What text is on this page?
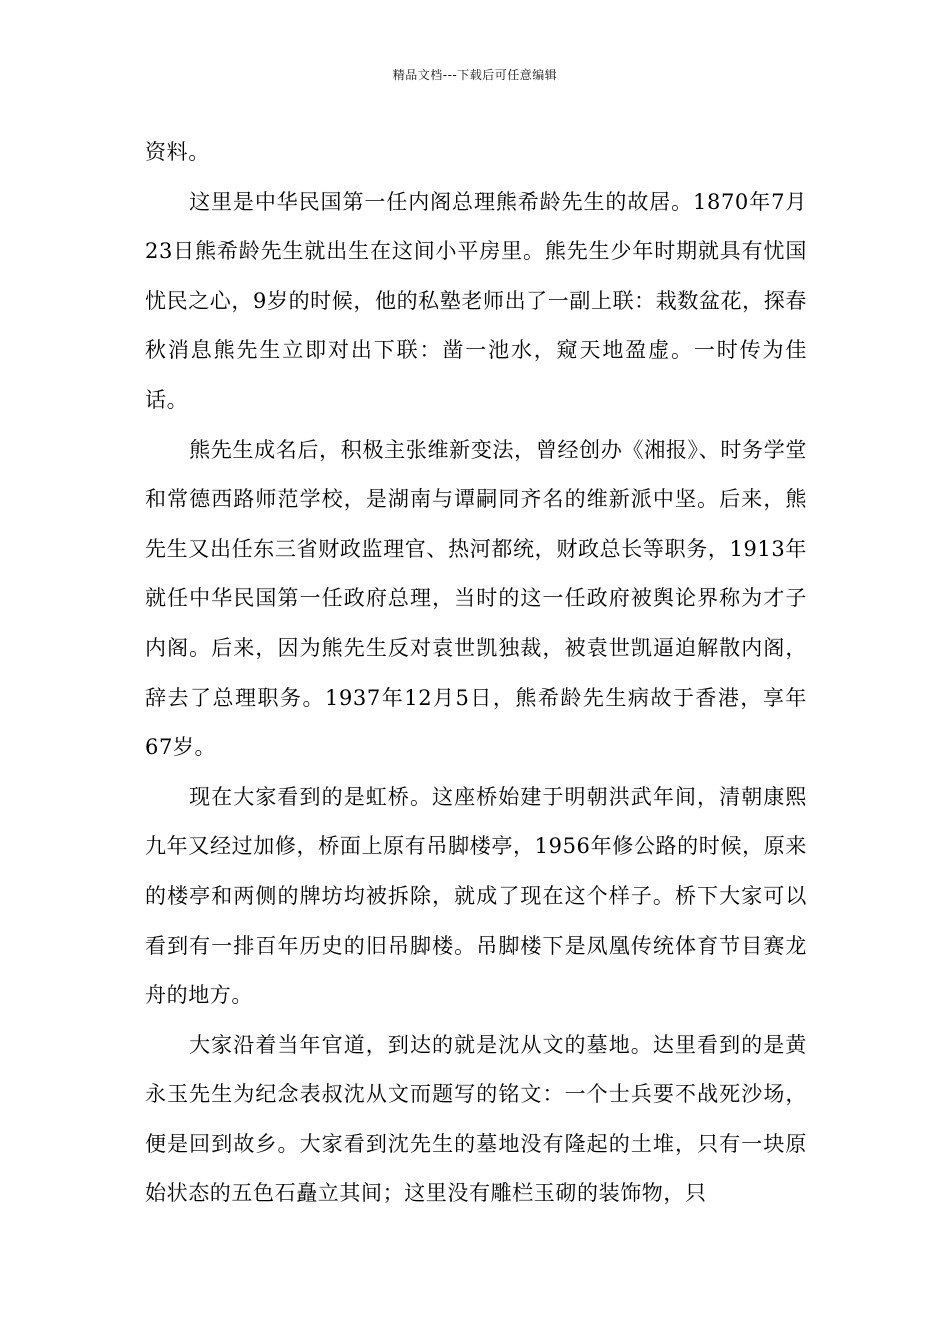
精品文档---下载后可任意编辑

资料。

这里是中华民国第一任内阁总理熊希龄先生的故居。1870年7月23日熊希龄先生就出生在这间小平房里。熊先生少年时期就具有忧国忧民之心，9岁的时候，他的私塾老师出了一副上联：栽数盆花，探春秋消息熊先生立即对出下联：凿一池水，窥天地盈虚。一时传为佳话。

熊先生成名后，积极主张维新变法，曾经创办《湘报》、时务学堂和常德西路师范学校，是湖南与谭嗣同齐名的维新派中坚。后来，熊先生又出任东三省财政监理官、热河都统，财政总长等职务，1913年就任中华民国第一任政府总理，当时的这一任政府被舆论界称为才子内阁。后来，因为熊先生反对袁世凯独裁，被袁世凯逼迫解散内阁，辞去了总理职务。1937年12月5日，熊希龄先生病故于香港，享年67岁。

现在大家看到的是虹桥。这座桥始建于明朝洪武年间，清朝康熙九年又经过加修，桥面上原有吊脚楼亭，1956年修公路的时候，原来的楼亭和两侧的牌坊均被拆除，就成了现在这个样子。桥下大家可以看到有一排百年历史的旧吊脚楼。吊脚楼下是凤凰传统体育节目赛龙舟的地方。

大家沿着当年官道，到达的就是沈从文的墓地。达里看到的是黄永玉先生为纪念表叔沈从文而题写的铭文：一个士兵要不战死沙场，便是回到故乡。大家看到沈先生的墓地没有隆起的土堆，只有一块原始状态的五色石矗立其间；这里没有雕栏玉砌的装饰物，只
